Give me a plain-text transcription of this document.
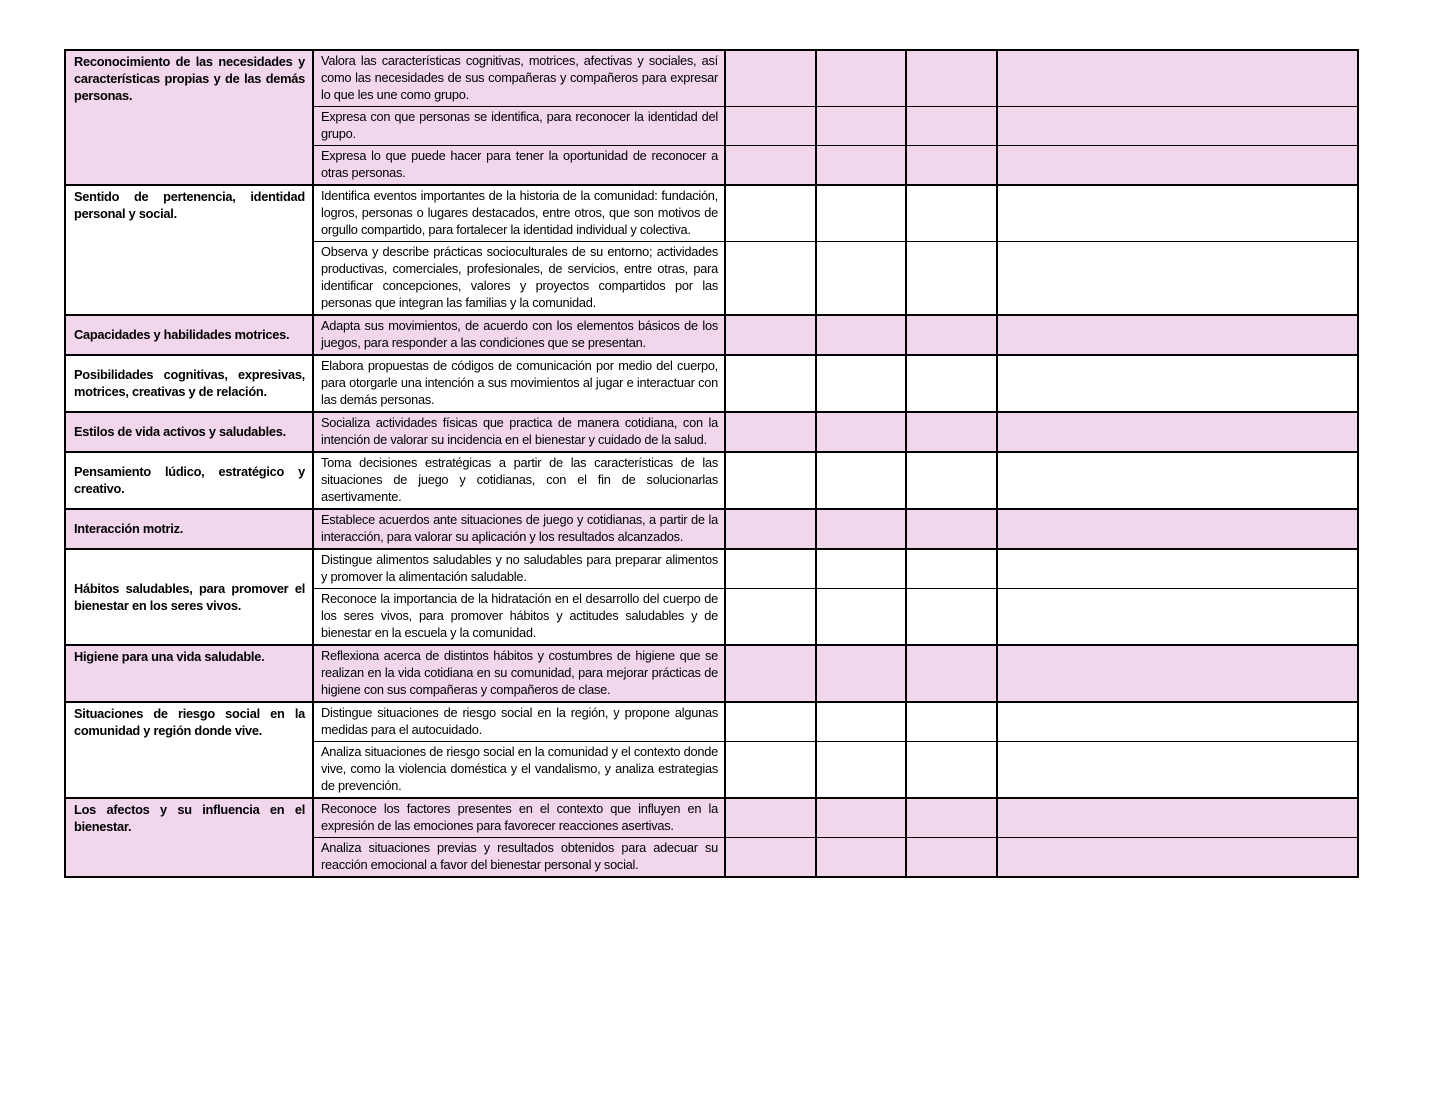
Reconocimiento de las necesidades y características propias y de las demás personas.	Valora las características cognitivas, motrices, afectivas y sociales, así como las necesidades de sus compañeras y compañeros para expresar lo que les une como grupo.				
	Expresa con que personas se identifica, para reconocer la identidad del grupo.				
	Expresa lo que puede hacer para tener la oportunidad de reconocer a otras personas.				
Sentido de pertenencia, identidad personal y social.	Identifica eventos importantes de la historia de la comunidad: fundación, logros, personas o lugares destacados, entre otros, que son motivos de orgullo compartido, para fortalecer la identidad individual y colectiva.				
	Observa y describe prácticas socioculturales de su entorno; actividades productivas, comerciales, profesionales, de servicios, entre otras, para identificar concepciones, valores y proyectos compartidos por las personas que integran las familias y la comunidad.				
Capacidades y habilidades motrices.	Adapta sus movimientos, de acuerdo con los elementos básicos de los juegos, para responder a las condiciones que se presentan.				
Posibilidades cognitivas, expresivas, motrices, creativas y de relación.	Elabora propuestas de códigos de comunicación por medio del cuerpo, para otorgarle una intención a sus movimientos al jugar e interactuar con las demás personas.				
Estilos de vida activos y saludables.	Socializa actividades físicas que practica de manera cotidiana, con la intención de valorar su incidencia en el bienestar y cuidado de la salud.				
Pensamiento lúdico, estratégico y creativo.	Toma decisiones estratégicas a partir de las características de las situaciones de juego y cotidianas, con el fin de solucionarlas asertivamente.				
Interacción motriz.	Establece acuerdos ante situaciones de juego y cotidianas, a partir de la interacción, para valorar su aplicación y los resultados alcanzados.				
Hábitos saludables, para promover el bienestar en los seres vivos.	Distingue alimentos saludables y no saludables para preparar alimentos y promover la alimentación saludable.				
	Reconoce la importancia de la hidratación en el desarrollo del cuerpo de los seres vivos, para promover hábitos y actitudes saludables y de bienestar en la escuela y la comunidad.				
Higiene para una vida saludable.	Reflexiona acerca de distintos hábitos y costumbres de higiene que se realizan en la vida cotidiana en su comunidad, para mejorar prácticas de higiene con sus compañeras y compañeros de clase.				
Situaciones de riesgo social en la comunidad y región donde vive.	Distingue situaciones de riesgo social en la región, y propone algunas medidas para el autocuidado.				
	Analiza situaciones de riesgo social en la comunidad y el contexto donde vive, como la violencia doméstica y el vandalismo, y analiza estrategias de prevención.				
Los afectos y su influencia en el bienestar.	Reconoce los factores presentes en el contexto que influyen en la expresión de las emociones para favorecer reacciones asertivas.				
	Analiza situaciones previas y resultados obtenidos para adecuar su reacción emocional a favor del bienestar personal y social.				
